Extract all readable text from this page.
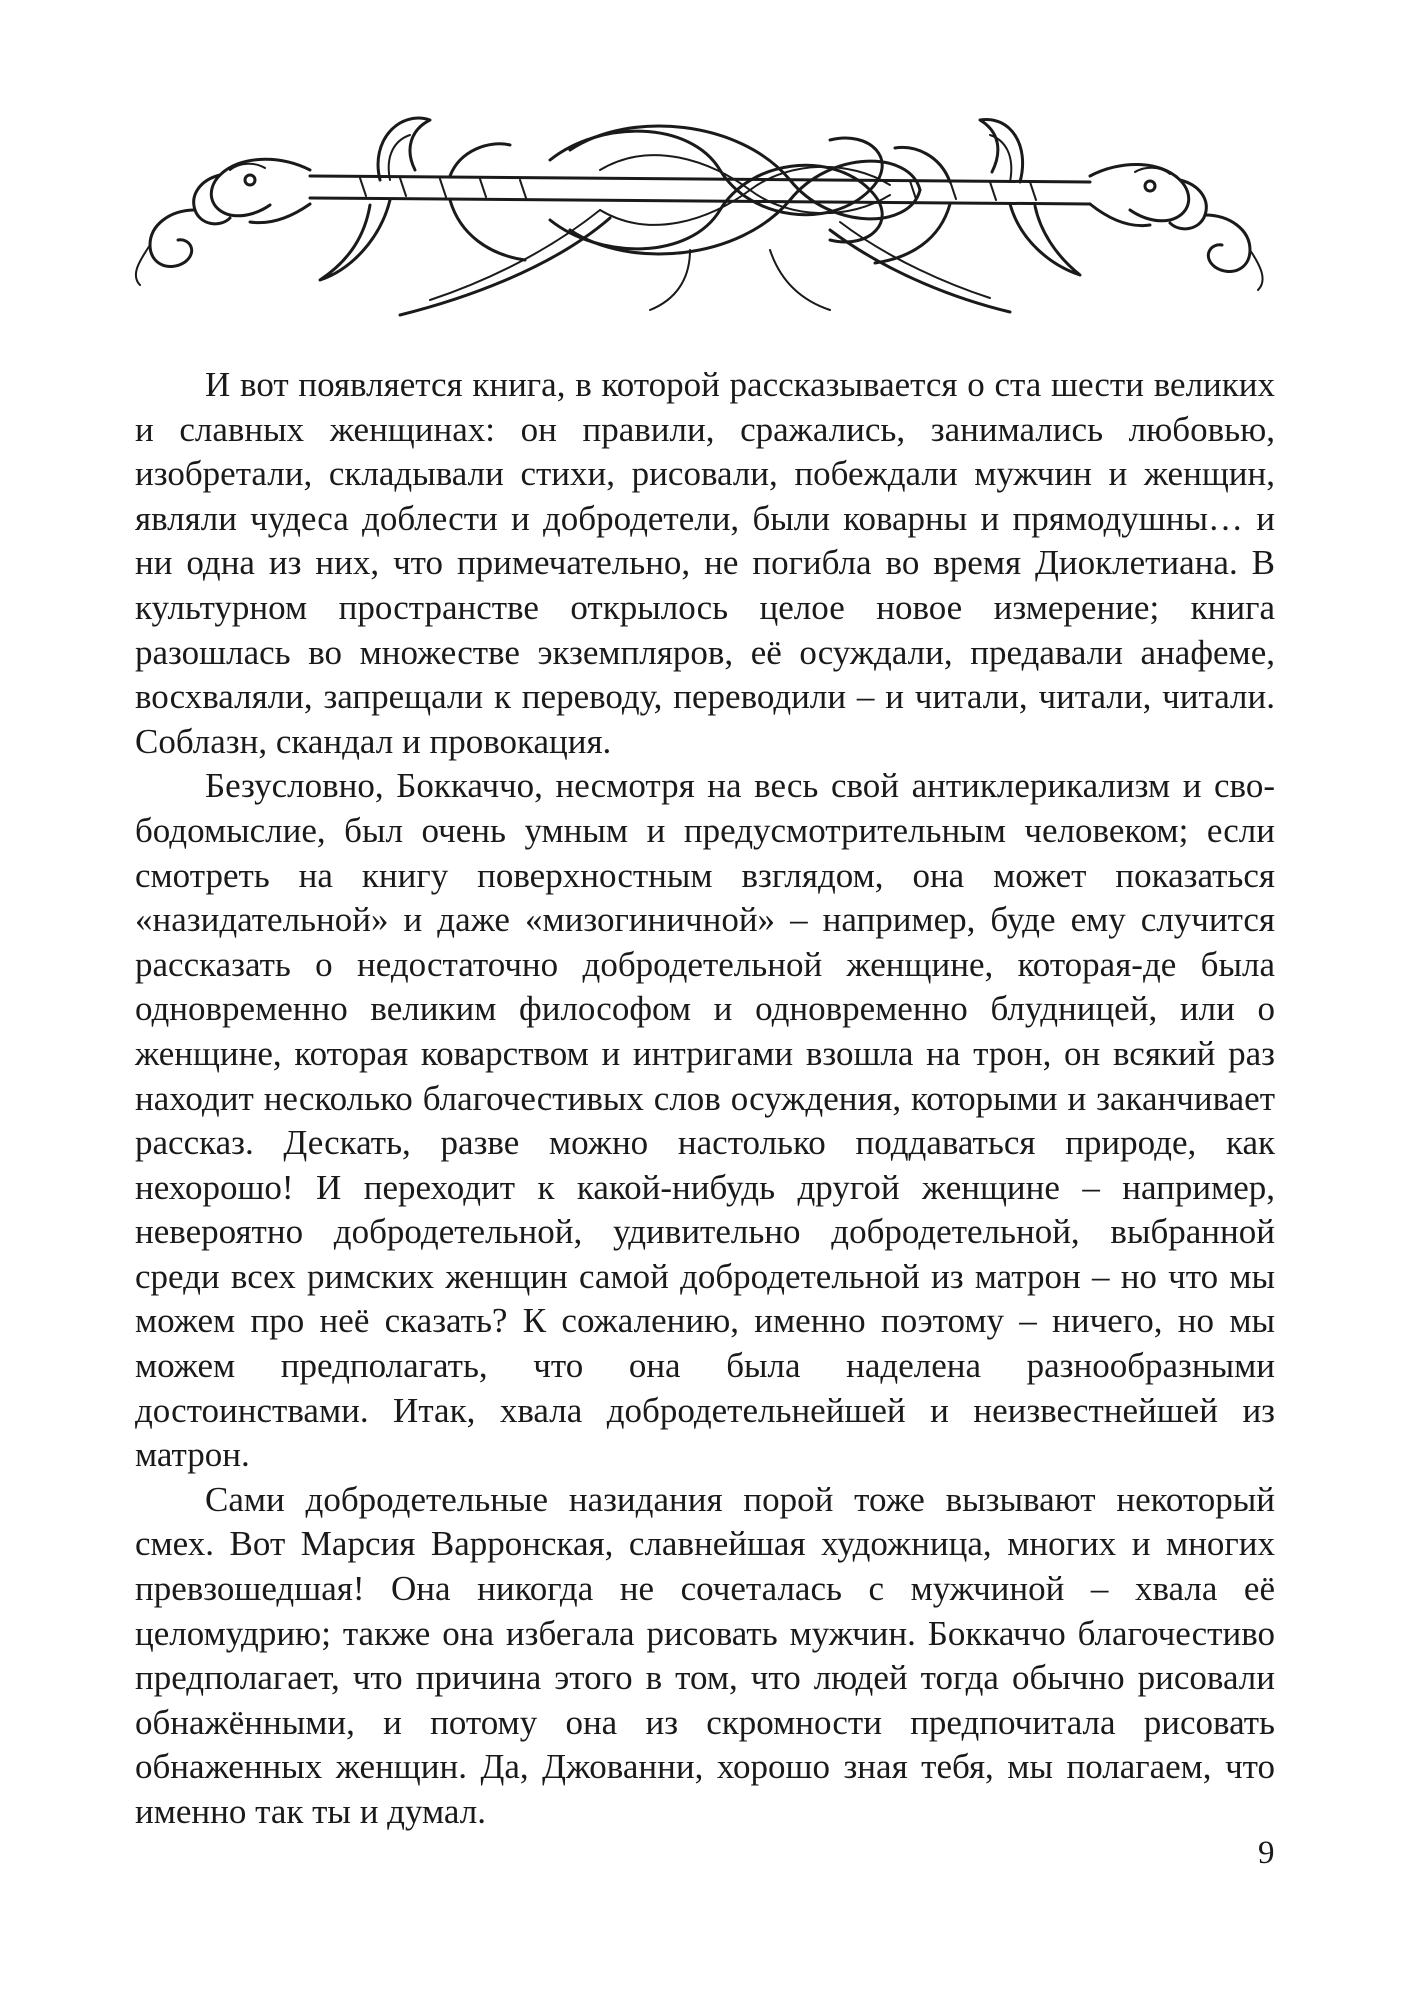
И вот появляется книга, в которой рассказывается о ста шести великих и славных женщинах: он правили, сражались, занимались любовью, изобретали, складывали стихи, рисовали, побеждали мужчин и женщин, являли чудеса доблести и добродетели, были коварны и прямодушны… и ни одна из них, что примечательно, не погибла во время Диоклетиана. В культурном пространстве открылось целое новое измерение; книга разошлась во множестве экземпляров, её осуждали, предавали анафеме, восхваляли, запрещали к переводу, переводили – и читали, читали, читали. Соблазн, скандал и провокация.

Безусловно, Боккаччо, несмотря на весь свой антиклерикализм и свободомыслие, был очень умным и предусмотрительным человеком; если смотреть на книгу поверхностным взглядом, она может показаться «назидательной» и даже «мизогиничной» – например, буде ему случится рассказать о недостаточно добродетельной женщине, которая-де была одновременно великим философом и одновременно блудницей, или о женщине, которая коварством и интригами взошла на трон, он всякий раз находит несколько благочестивых слов осуждения, которыми и заканчивает рассказ. Дескать, разве можно настолько поддаваться природе, как нехорошо! И переходит к какой-нибудь другой женщине – например, невероятно добродетельной, удивительно добродетельной, выбранной среди всех римских женщин самой добродетельной из матрон – но что мы можем про неё сказать? К сожалению, именно поэтому – ничего, но мы можем предполагать, что она была наделена разнообразными достоинствами. Итак, хвала добродетельнейшей и неизвестнейшей из матрон.

Сами добродетельные назидания порой тоже вызывают некоторый смех. Вот Марсия Варронская, славнейшая художница, многих и многих превзошедшая! Она никогда не сочеталась с мужчиной – хвала её целомудрию; также она избегала рисовать мужчин. Боккаччо благочестиво предполагает, что причина этого в том, что людей тогда обычно рисовали обнажёнными, и потому она из скромности предпочитала рисовать обнаженных женщин. Да, Джованни, хорошо зная тебя, мы полагаем, что именно так ты и думал.

9
